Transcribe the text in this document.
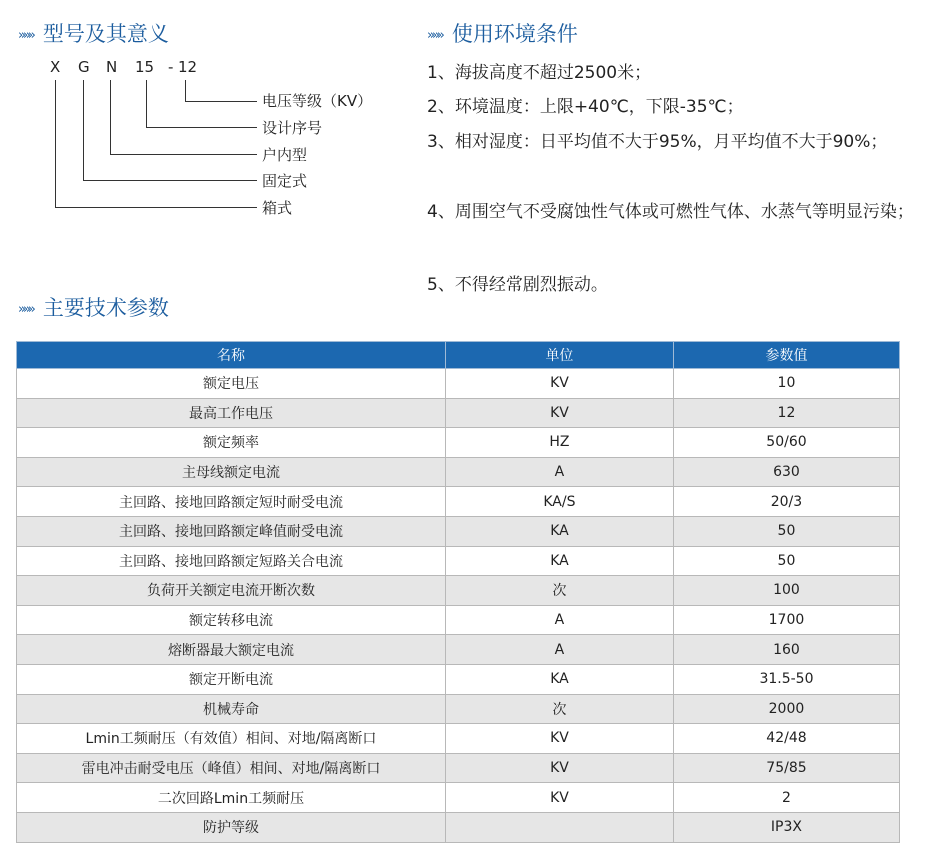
»»» 型号及其意义	»»» 使用环境条件
X G N 15 - 12
电压等级（KV）
设计序号
户内型
固定式
箱式
1、海拔高度不超过2500米；
2、环境温度：上限+40℃，下限-35℃；
3、相对湿度：日平均值不大于95%，月平均值不大于90%；
4、周围空气不受腐蚀性气体或可燃性气体、水蒸气等明显污染；
5、不得经常剧烈振动。
»»» 主要技术参数
名称	单位	参数值
额定电压	KV	10
最高工作电压	KV	12
额定频率	HZ	50/60
主母线额定电流	A	630
主回路、接地回路额定短时耐受电流	KA/S	20/3
主回路、接地回路额定峰值耐受电流	KA	50
主回路、接地回路额定短路关合电流	KA	50
负荷开关额定电流开断次数	次	100
额定转移电流	A	1700
熔断器最大额定电流	A	160
额定开断电流	KA	31.5-50
机械寿命	次	2000
Lmin工频耐压（有效值）相间、对地/隔离断口	KV	42/48
雷电冲击耐受电压（峰值）相间、对地/隔离断口	KV	75/85
二次回路Lmin工频耐压	KV	2
防护等级		IP3X
